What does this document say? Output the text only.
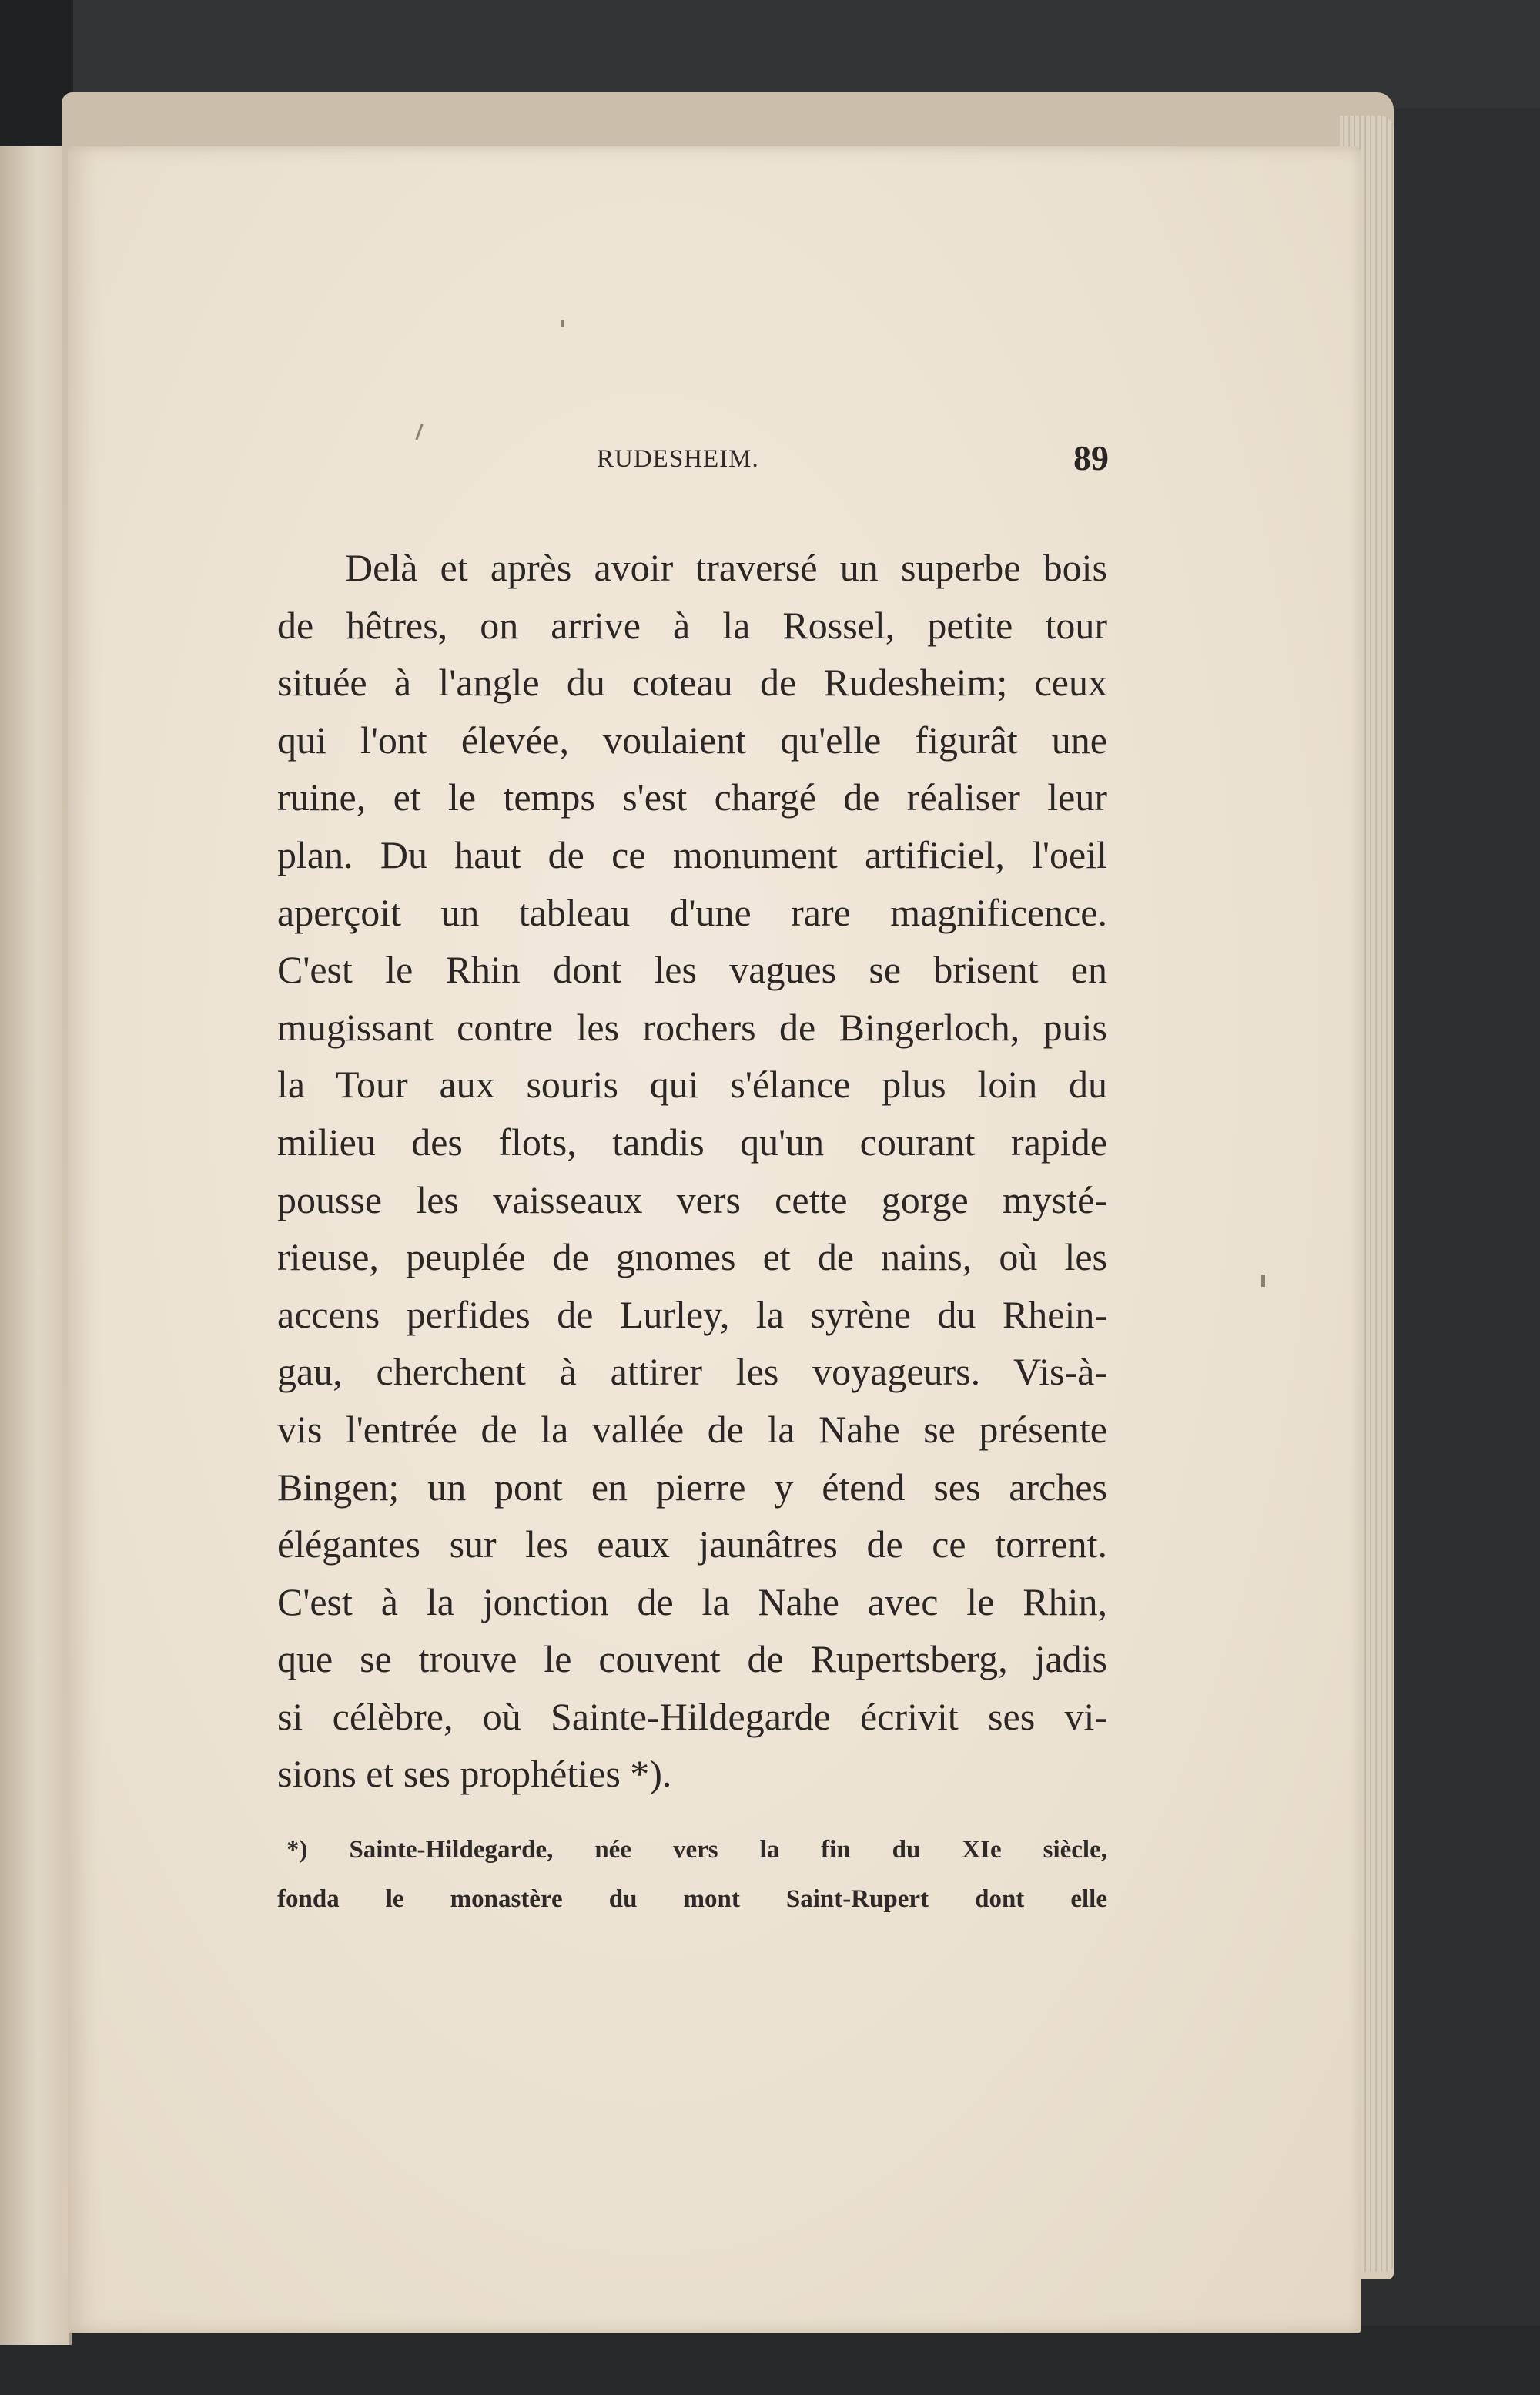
RUDESHEIM.	89
Delà et après avoir traversé un superbe bois
de hêtres, on arrive à la Rossel, petite tour
située à l'angle du coteau de Rudesheim; ceux
qui l'ont élevée, voulaient qu'elle figurât une
ruine, et le temps s'est chargé de réaliser leur
plan. Du haut de ce monument artificiel, l'oeil
aperçoit un tableau d'une rare magnificence.
C'est le Rhin dont les vagues se brisent en
mugissant contre les rochers de Bingerloch, puis
la Tour aux souris qui s'élance plus loin du
milieu des flots, tandis qu'un courant rapide
pousse les vaisseaux vers cette gorge mysté-
rieuse, peuplée de gnomes et de nains, où les
accens perfides de Lurley, la syrène du Rhein-
gau, cherchent à attirer les voyageurs. Vis-à-
vis l'entrée de la vallée de la Nahe se présente
Bingen; un pont en pierre y étend ses arches
élégantes sur les eaux jaunâtres de ce torrent.
C'est à la jonction de la Nahe avec le Rhin,
que se trouve le couvent de Rupertsberg, jadis
si célèbre, où Sainte-Hildegarde écrivit ses vi-
sions et ses prophéties *).
*) Sainte-Hildegarde, née vers la fin du XIe siècle,
fonda le monastère du mont Saint-Rupert dont elle
